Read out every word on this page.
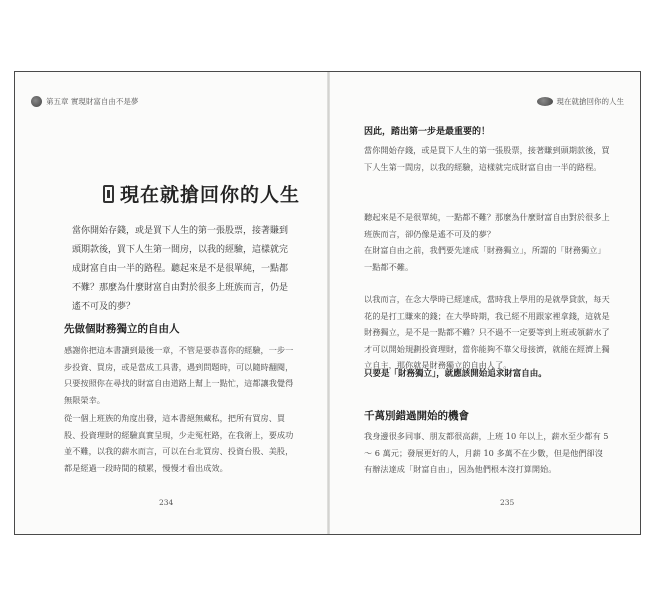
第五章 實現財富自由不是夢
現在就搶回你的人生
當你開始存錢，或是買下人生的第一張股票，接著賺到頭期款後，買下人生第一間房，以我的經驗，這樣就完成財富自由一半的路程。聽起來是不是很單純，一點都不難？那麼為什麼財富自由對於很多上班族而言，仍是遙不可及的夢？
先做個財務獨立的自由人
感謝你把這本書讀到最後一章，不管是要恭喜你的經驗，一步一步投資、買房，或是當成工具書，遇到問題時，可以隨時翻閱，只要按照你在尋找的財富自由道路上幫上一點忙，這都讓我覺得無限榮幸。
從一個上班族的角度出發，這本書絕無藏私，把所有買房、買股、投資理財的經驗真實呈現，少走冤枉路，在我術上，要成功並不難，以我的薪水而言，可以在台北買房、投資台股、美股，都是經過一段時間的積累，慢慢才看出成效。
234
現在就搶回你的人生
因此，踏出第一步是最重要的！
當你開始存錢，或是買下人生的第一張股票，接著賺到頭期款後，買下人生第一間房，以我的經驗，這樣就完成財富自由一半的路程。
聽起來是不是很單純，一點都不難？那麼為什麼財富自由對於很多上班族而言，卻仍像是遙不可及的夢？
在財富自由之前，我們要先達成「財務獨立」，所謂的「財務獨立」一點都不難。
以我而言，在念大學時已經達成，當時我上學用的是就學貸款，每天花的是打工賺來的錢；在大學時期，我已經不用跟家裡拿錢，這就是財務獨立，是不是一點都不難？只不過不一定要等到上班或領薪水了才可以開始規劃投資理財，當你能夠不靠父母接濟，就能在經濟上獨立自主，那你就是財務獨立的自由人了。
只要是「財務獨立」，就應該開始追求財富自由。
千萬別錯過開始的機會
我身邊很多同事、朋友都很高薪，上班 10 年以上，薪水至少都有 5 ～ 6 萬元；發展更好的人，月薪 10 多萬不在少數，但是他們卻沒有辦法達成「財富自由」，因為他們根本沒打算開始。
235
